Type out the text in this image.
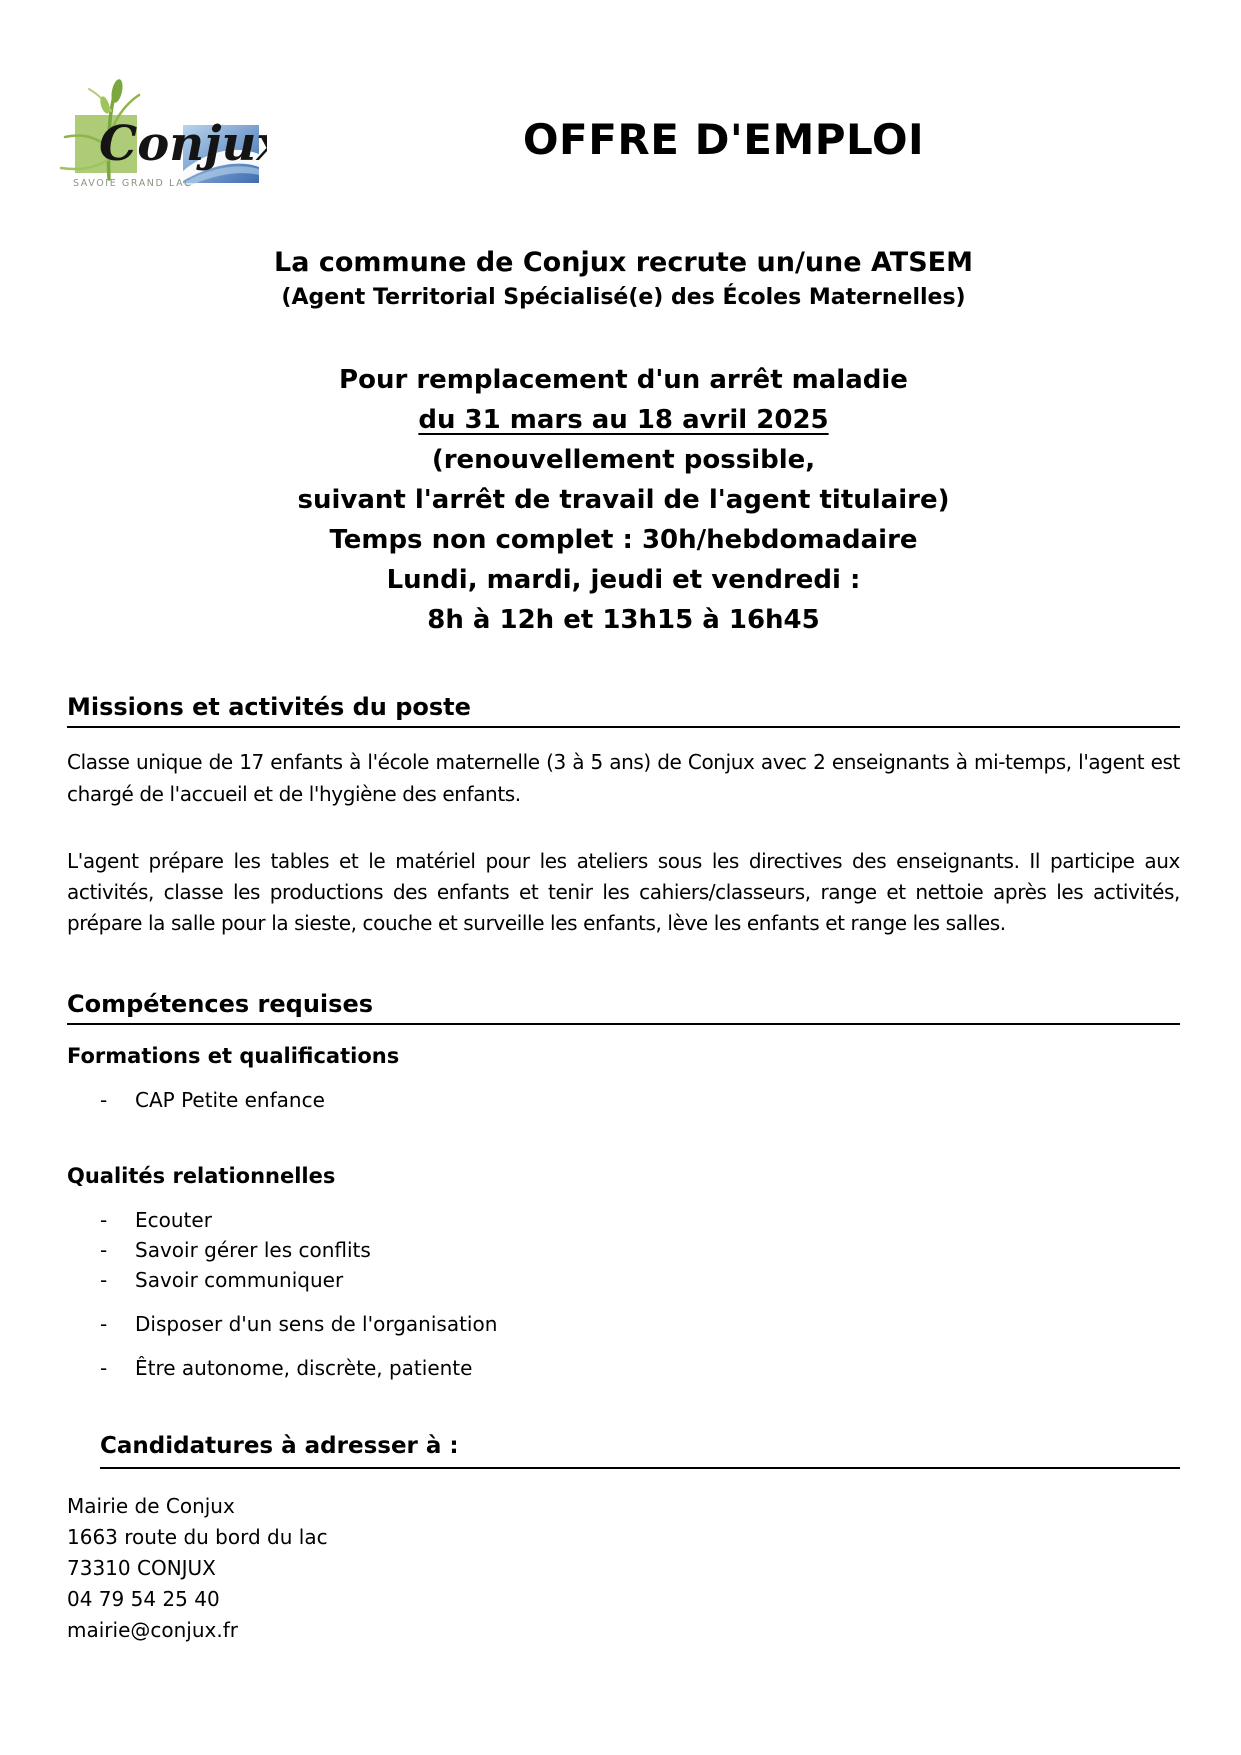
Conjux
SAVOIE GRAND LAC
OFFRE D'EMPLOI
La commune de Conjux recrute un/une ATSEM
(Agent Territorial Spécialisé(e) des Écoles Maternelles)
Pour remplacement d'un arrêt maladie
du 31 mars au 18 avril 2025
(renouvellement possible,
suivant l'arrêt de travail de l'agent titulaire)
Temps non complet : 30h/hebdomadaire
Lundi, mardi, jeudi et vendredi :
8h à 12h et 13h15 à 16h45
Missions et activités du poste

Classe unique de 17 enfants à l'école maternelle (3 à 5 ans) de Conjux avec 2 enseignants à mi-temps, l'agent est chargé de l'accueil et de l'hygiène des enfants.

L'agent prépare les tables et le matériel pour les ateliers sous les directives des enseignants. Il participe aux activités, classe les productions des enfants et tenir les cahiers/classeurs, range et nettoie après les activités, prépare la salle pour la sieste, couche et surveille les enfants, lève les enfants et range les salles.

Compétences requises
Formations et qualifications
-	CAP Petite enfance
Qualités relationnelles
-	Ecouter
-	Savoir gérer les conflits
-	Savoir communiquer
-	Disposer d'un sens de l'organisation
-	Être autonome, discrète, patiente
Candidatures à adresser à :
Mairie de Conjux
1663 route du bord du lac
73310 CONJUX
04 79 54 25 40
mairie@conjux.fr
